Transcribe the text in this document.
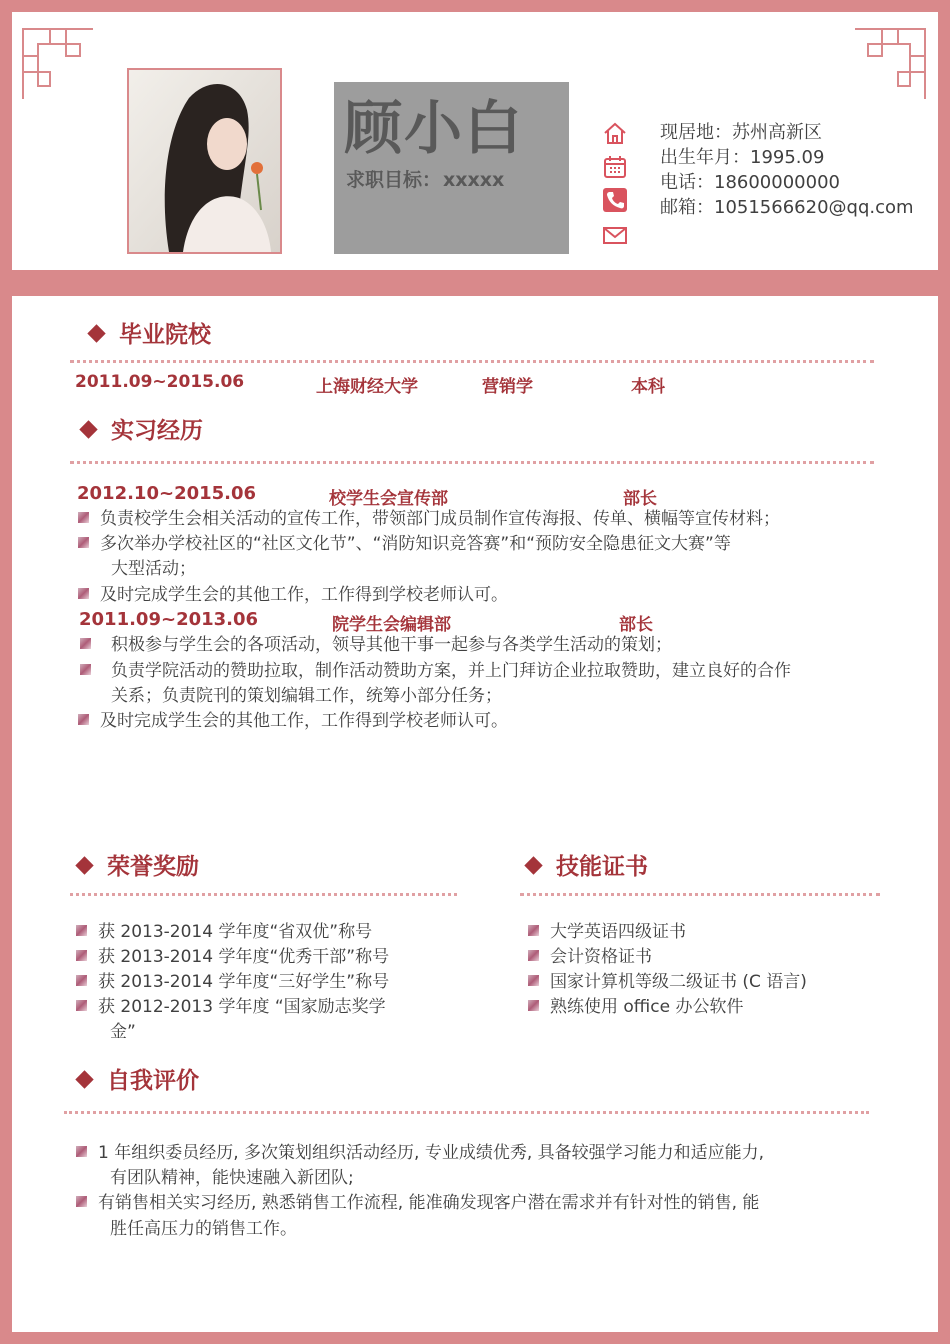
顾小白
求职目标： xxxxx
现居地：苏州高新区
出生年月：1995.09
电话：18600000000
邮箱：1051566620@qq.com
毕业院校
2011.09~2015.06	上海财经大学	营销学	本科
实习经历
2012.10~2015.06	校学生会宣传部	部长
负责校学生会相关活动的宣传工作，带领部门成员制作宣传海报、传单、横幅等宣传材料；
多次举办学校社区的“社区文化节”、“消防知识竞答赛”和“预防安全隐患征文大赛”等
大型活动；
及时完成学生会的其他工作，工作得到学校老师认可。
2011.09~2013.06	院学生会编辑部	部长
积极参与学生会的各项活动，领导其他干事一起参与各类学生活动的策划；
负责学院活动的赞助拉取，制作活动赞助方案，并上门拜访企业拉取赞助，建立良好的合作
关系；负责院刊的策划编辑工作，统筹小部分任务；
及时完成学生会的其他工作，工作得到学校老师认可。
荣誉奖励
获 2013-2014 学年度“省双优”称号
获 2013-2014 学年度“优秀干部”称号
获 2013-2014 学年度“三好学生”称号
获 2012-2013 学年度 “国家励志奖学
金”
技能证书
大学英语四级证书
会计资格证书
国家计算机等级二级证书 (C 语言)
熟练使用 office 办公软件
自我评价
1 年组织委员经历, 多次策划组织活动经历, 专业成绩优秀, 具备较强学习能力和适应能力,
有团队精神，能快速融入新团队;
有销售相关实习经历, 熟悉销售工作流程, 能准确发现客户潜在需求并有针对性的销售, 能
胜任高压力的销售工作。
